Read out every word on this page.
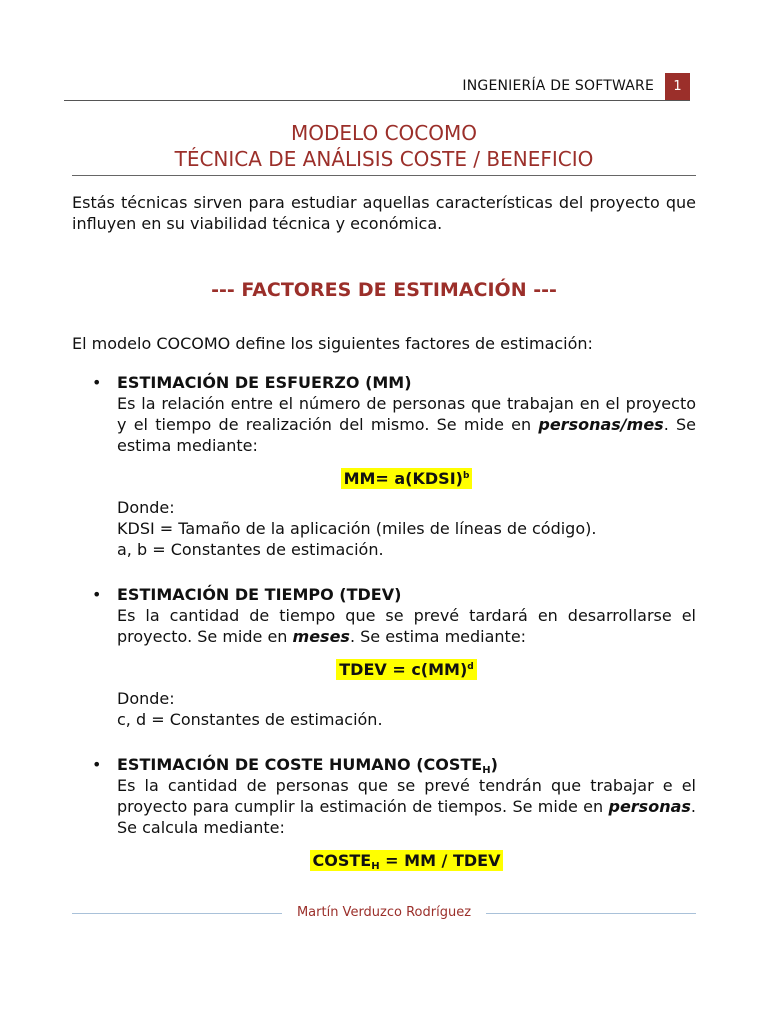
INGENIERÍA DE SOFTWARE	1
MODELO COCOMO
TÉCNICA DE ANÁLISIS COSTE / BENEFICIO

Estás técnicas sirven para estudiar aquellas características del proyecto que influyen en su viabilidad técnica y económica.

--- FACTORES DE ESTIMACIÓN ---

El modelo COCOMO define los siguientes factores de estimación:

• ESTIMACIÓN DE ESFUERZO (MM)

Es la relación entre el número de personas que trabajan en el proyecto y el tiempo de realización del mismo. Se mide en personas/mes. Se estima mediante:

MM= a(KDSI)$^b$
Donde:
KDSI = Tamaño de la aplicación (miles de líneas de código).
a, b = Constantes de estimación.
• ESTIMACIÓN DE TIEMPO (TDEV)

Es la cantidad de tiempo que se prevé tardará en desarrollarse el proyecto. Se mide en meses. Se estima mediante:

TDEV = c(MM)$^d$
Donde:
c, d = Constantes de estimación.
• ESTIMACIÓN DE COSTE HUMANO $(COSTE_H)$

Es la cantidad de personas que se prevé tendrán que trabajar e el proyecto para cumplir la estimación de tiempos. Se mide en personas. Se calcula mediante:

$COSTE_H$ = MM / TDEV
Martín Verduzco Rodríguez
